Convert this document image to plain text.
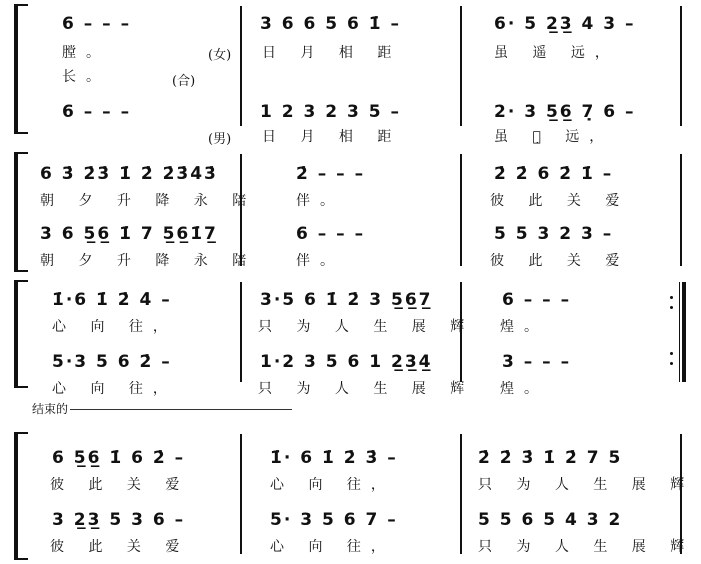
6 – – –	3 6 6 5 6 1̇ –	6· 5 2̲3̲ 4 3 –
膛。	(女) 日 月 相 距	虽 遥 远，
长。	(合)
6 – – –	1 2 3 2 3 5 –	2· 3 5̲6̲ 7̣ 6 –
(男) 日 月 相 距	虽 遥̣ 远，
6 3̇ 2̇3̇ 1̇ 2̇ 2̇3̇4̇3̇	2̇ – – –	2̇ 2̇ 6 2̇ 1̇ –
朝 夕 升 降 永 陪	伴。	彼 此 关 爱
3 6 5̲6̲ 1̇ 7 5̲6̲1̇7̲	6 – – –	5 5 3 2 3 –
朝 夕 升 降 永 陪	伴。	彼 此 关 爱
1̇·6 1̇ 2̇ 4̇ –	3·5 6 1̇ 2̇ 3 5̲6̲7̲	6 – – –
心 向 往，	只 为 人 生 展 辉 煌。
5·3 5 6 2̇ –	1·2 3 5 6 1 2̲3̲4̲	3 – – –
心 向 往，	只 为 人 生 展 辉 煌。
结束的
6 5̲6̲ 1̇ 6 2̇ –	1̇· 6 1̇ 2̇ 3̇ –	2̇ 2̇ 3̇ 1̇ 2̇ 7 5
彼 此 关 爱	心 向 往，	只 为 人 生 展 辉
3 2̲3̲ 5 3 6 –	5· 3 5 6 7 –	5 5 6 5 4 3 2
彼 此 关 爱	心 向 往，	只 为 人 生 展 辉
